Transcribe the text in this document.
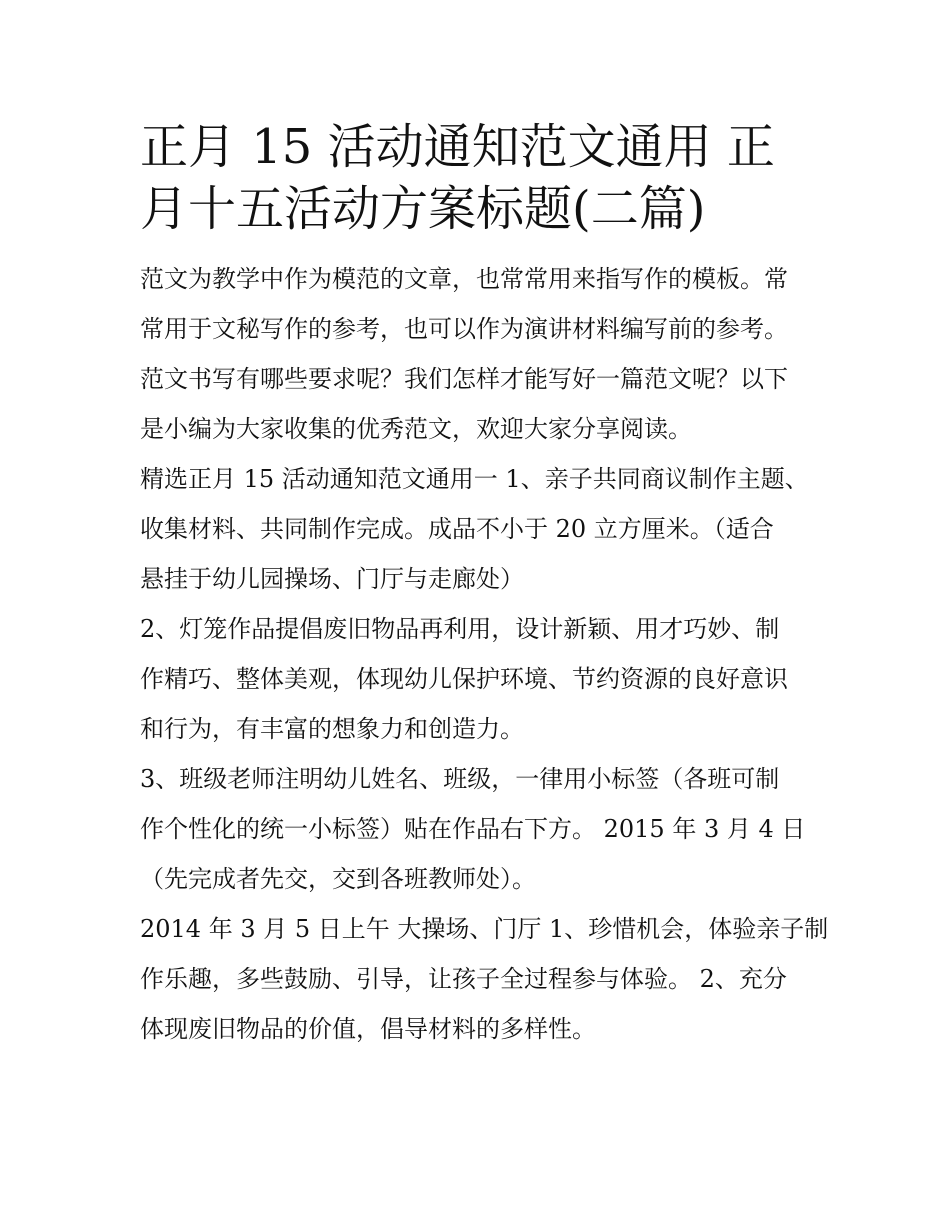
正月 15 活动通知范文通用 正
月十五活动方案标题(二篇)

范文为教学中作为模范的文章，也常常用来指写作的模板。常
常用于文秘写作的参考，也可以作为演讲材料编写前的参考。
范文书写有哪些要求呢？我们怎样才能写好一篇范文呢？以下
是小编为大家收集的优秀范文，欢迎大家分享阅读。

精选正月 15 活动通知范文通用一 1、亲子共同商议制作主题、
收集材料、共同制作完成。成品不小于 20 立方厘米。（适合
悬挂于幼儿园操场、门厅与走廊处）

2、灯笼作品提倡废旧物品再利用，设计新颖、用才巧妙、制
作精巧、整体美观，体现幼儿保护环境、节约资源的良好意识
和行为，有丰富的想象力和创造力。

3、班级老师注明幼儿姓名、班级，一律用小标签（各班可制
作个性化的统一小标签）贴在作品右下方。 2015 年 3 月 4 日
（先完成者先交，交到各班教师处）。

2014 年 3 月 5 日上午 大操场、门厅 1、珍惜机会，体验亲子制
作乐趣，多些鼓励、引导，让孩子全过程参与体验。 2、充分
体现废旧物品的价值，倡导材料的多样性。
